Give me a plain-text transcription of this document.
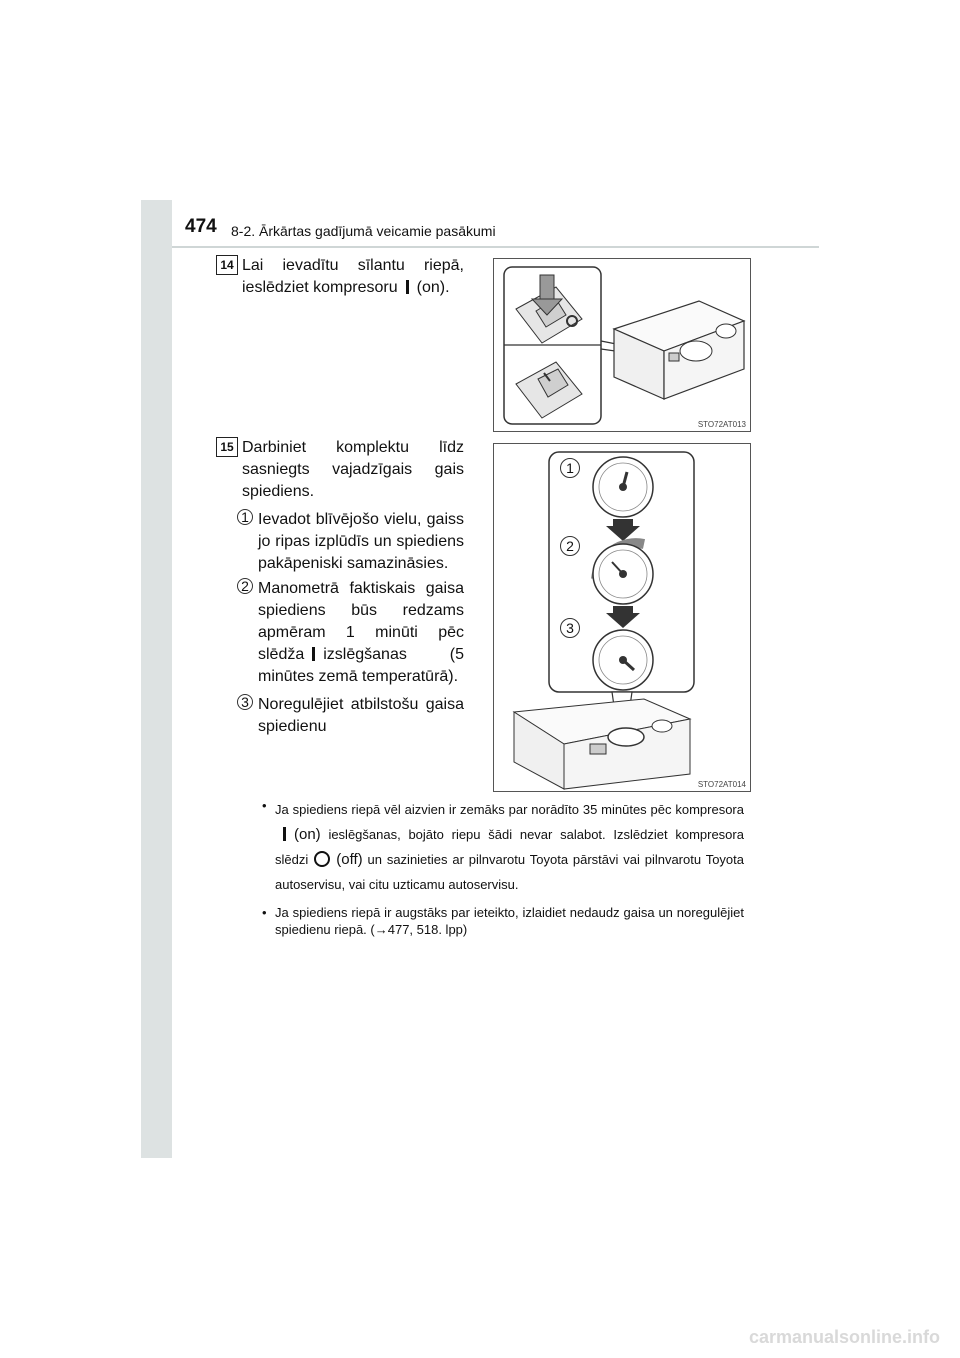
474 8-2. Ārkārtas gadījumā veicamie pasākumi
14 Lai ievadītu sīlantu riepā, ieslēdziet kompresoru (on).
STO72AT013
15 Darbiniet komplektu līdz sasniegts vajadzīgais gais spiediens.
1 Ievadot blīvējošo vielu, gaiss jo ripas izplūdīs un spiediens pakāpeniski samazināsies.
2 Manometrā faktiskais gaisa spiediens būs redzams apmēram 1 minūti pēc slēdža izslēgšanas (5 minūtes zemā temperatūrā).
3 Noregulējiet atbilstošu gaisa spiedienu
1
2
3
STO72AT014
• Ja spiediens riepā vēl aizvien ir zemāks par norādīto 35 minūtes pēc kompresora(on) ieslēgšanas, bojāto riepu šādi nevar salabot. Izslēdziet kompresora slēdzi (off) un sazinieties ar pilnvarotu Toyota pārstāvi vai pilnvarotu Toyota autoservisu, vai citu uzticamu autoservisu.
• Ja spiediens riepā ir augstāks par ieteikto, izlaidiet nedaudz gaisa un noregulējiet spiedienu riepā. (→477, 518. lpp)
carmanualsonline.info
